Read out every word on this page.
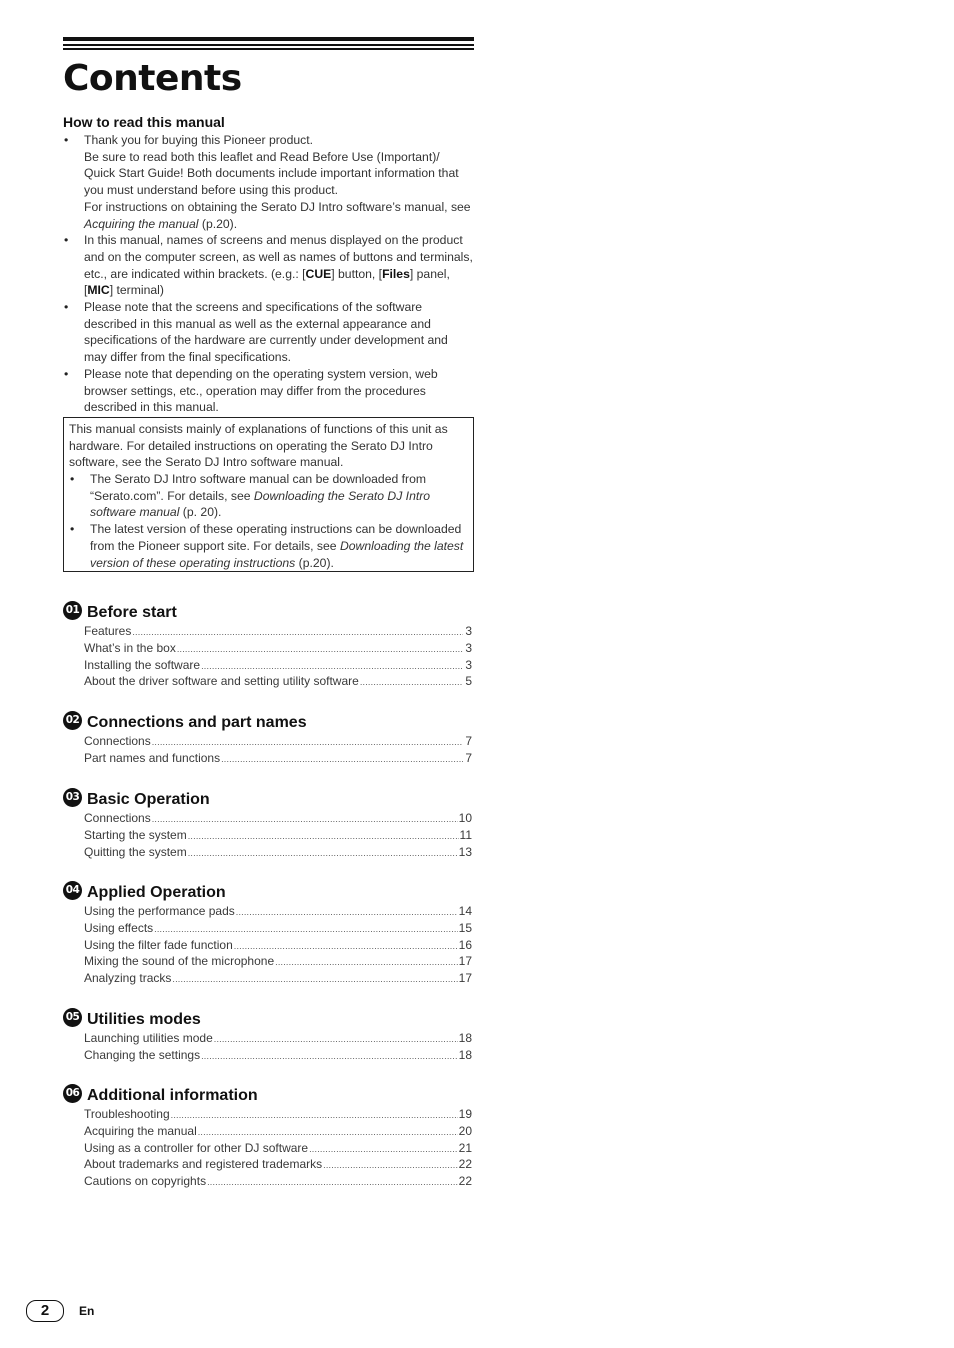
Contents
How to read this manual
• Thank you for buying this Pioneer product.
Be sure to read both this leaflet and Read Before Use (Important)/ Quick Start Guide! Both documents include important information that you must understand before using this product.
For instructions on obtaining the Serato DJ Intro software’s manual, see Acquiring the manual (p.20).
• In this manual, names of screens and menus displayed on the product and on the computer screen, as well as names of buttons and terminals, etc., are indicated within brackets. (e.g.: [CUE] button, [Files] panel, [MIC] terminal)
• Please note that the screens and specifications of the software described in this manual as well as the external appearance and specifications of the hardware are currently under development and may differ from the final specifications.
• Please note that depending on the operating system version, web browser settings, etc., operation may differ from the procedures described in this manual.
This manual consists mainly of explanations of functions of this unit as hardware. For detailed instructions on operating the Serato DJ Intro software, see the Serato DJ Intro software manual.
• The Serato DJ Intro software manual can be downloaded from “Serato.com”. For details, see Downloading the Serato DJ Intro software manual (p. 20).
• The latest version of these operating instructions can be downloaded from the Pioneer support site. For details, see Downloading the latest version of these operating instructions (p.20).
01 Before start
Features .....	3
What’s in the box .....	3
Installing the software .....	3
About the driver software and setting utility software .....	5
02 Connections and part names
Connections .....	7
Part names and functions .....	7
03 Basic Operation
Connections .....	10
Starting the system .....	11
Quitting the system .....	13
04 Applied Operation
Using the performance pads .....	14
Using effects .....	15
Using the filter fade function .....	16
Mixing the sound of the microphone .....	17
Analyzing tracks .....	17
05 Utilities modes
Launching utilities mode .....	18
Changing the settings .....	18
06 Additional information
Troubleshooting .....	19
Acquiring the manual .....	20
Using as a controller for other DJ software .....	21
About trademarks and registered trademarks .....	22
Cautions on copyrights .....	22
2	En
